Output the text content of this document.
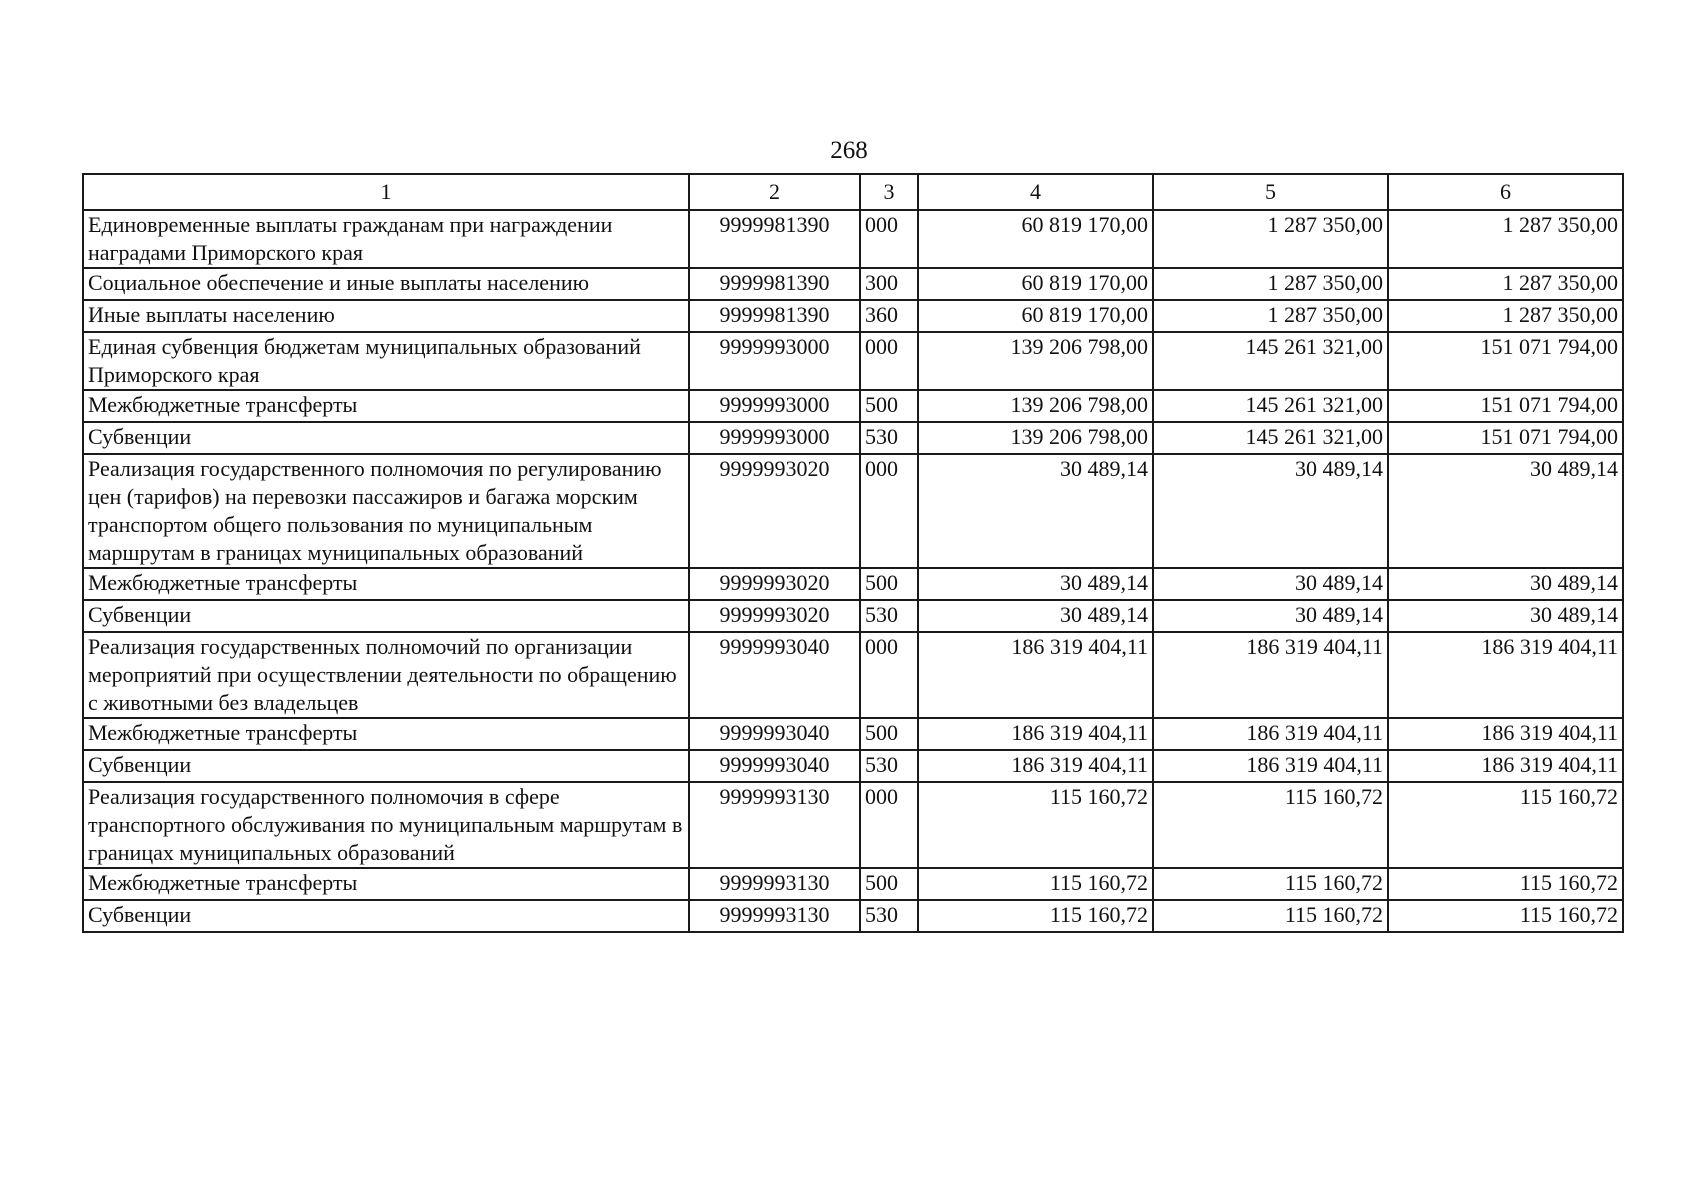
268
1	2	3	4	5	6
Единовременные выплаты гражданам при награждении наградами Приморского края	9999981390	000	60 819 170,00	1 287 350,00	1 287 350,00
Социальное обеспечение и иные выплаты населению	9999981390	300	60 819 170,00	1 287 350,00	1 287 350,00
Иные выплаты населению	9999981390	360	60 819 170,00	1 287 350,00	1 287 350,00
Единая субвенция бюджетам муниципальных образований Приморского края	9999993000	000	139 206 798,00	145 261 321,00	151 071 794,00
Межбюджетные трансферты	9999993000	500	139 206 798,00	145 261 321,00	151 071 794,00
Субвенции	9999993000	530	139 206 798,00	145 261 321,00	151 071 794,00
Реализация государственного полномочия по регулированию цен (тарифов) на перевозки пассажиров и багажа морским транспортом общего пользования по муниципальным маршрутам в границах муниципальных образований	9999993020	000	30 489,14	30 489,14	30 489,14
Межбюджетные трансферты	9999993020	500	30 489,14	30 489,14	30 489,14
Субвенции	9999993020	530	30 489,14	30 489,14	30 489,14
Реализация государственных полномочий по организации мероприятий при осуществлении деятельности по обращению с животными без владельцев	9999993040	000	186 319 404,11	186 319 404,11	186 319 404,11
Межбюджетные трансферты	9999993040	500	186 319 404,11	186 319 404,11	186 319 404,11
Субвенции	9999993040	530	186 319 404,11	186 319 404,11	186 319 404,11
Реализация государственного полномочия в сфере транспортного обслуживания по муниципальным маршрутам в границах муниципальных образований	9999993130	000	115 160,72	115 160,72	115 160,72
Межбюджетные трансферты	9999993130	500	115 160,72	115 160,72	115 160,72
Субвенции	9999993130	530	115 160,72	115 160,72	115 160,72
